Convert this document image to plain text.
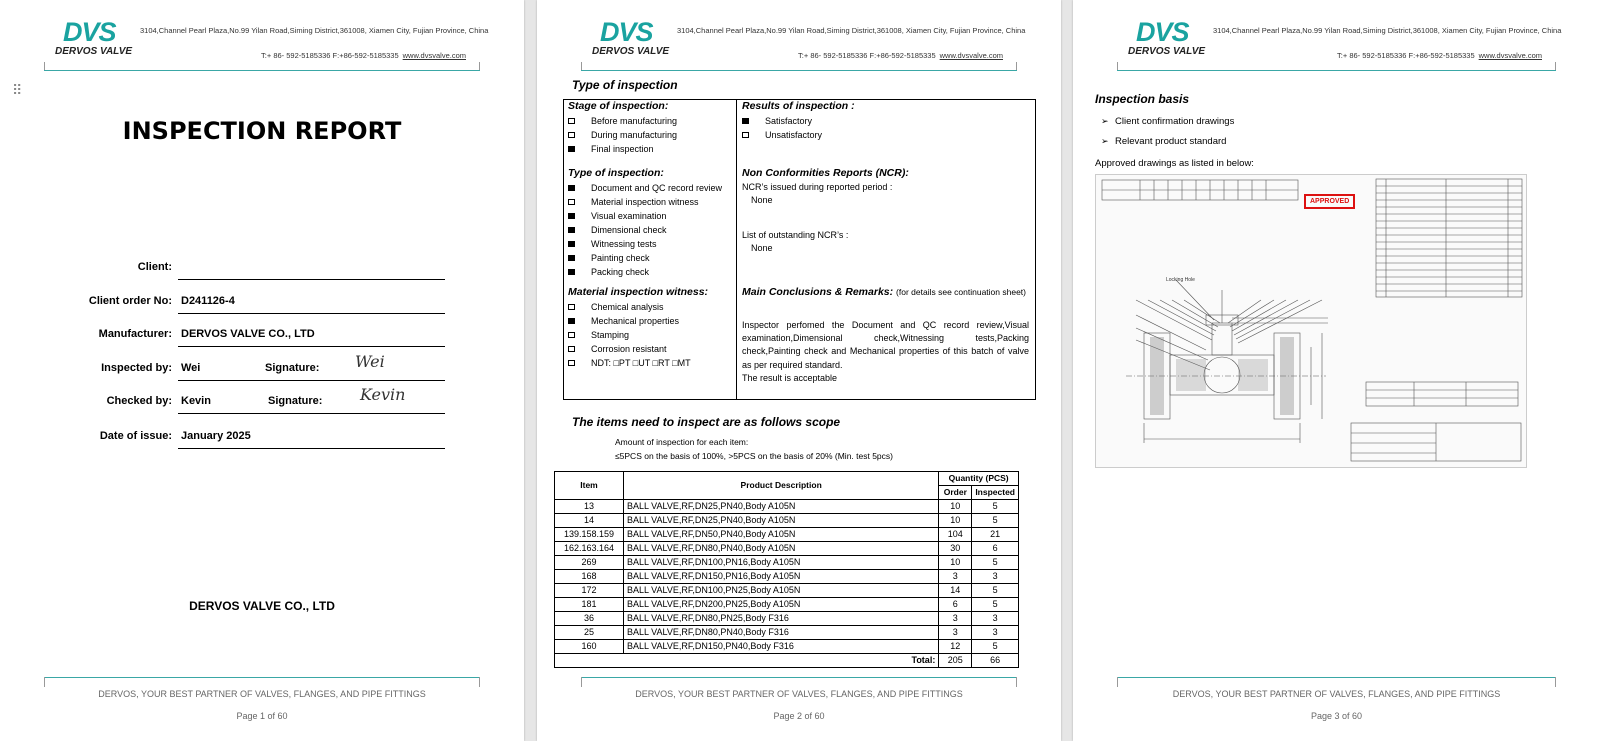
DVS
DERVOS VALVE
3104,Channel Pearl Plaza,No.99 Yilan Road,Siming District,361008, Xiamen City, Fujian Province, China
T:+ 86- 592-5185336 F:+86-592-5185335 www.dvsvalve.com
⠿
INSPECTION REPORT
Client:
Client order No: D241126-4
Manufacturer: DERVOS VALVE CO., LTD
Inspected by: Wei	Signature: Wei
Checked by: Kevin	Signature: Kevin
Date of issue: January 2025
DERVOS VALVE CO., LTD
DERVOS, YOUR BEST PARTNER OF VALVES, FLANGES, AND PIPE FITTINGS
Page 1 of 60
DVS
DERVOS VALVE
3104,Channel Pearl Plaza,No.99 Yilan Road,Siming District,361008, Xiamen City, Fujian Province, China
T:+ 86- 592-5185336 F:+86-592-5185335 www.dvsvalve.com
Type of inspection
Stage of inspection:
Before manufacturing
During manufacturing
Final inspection
Results of inspection :
Satisfactory
Unsatisfactory
Type of inspection:
Document and QC record review
Material inspection witness
Visual examination
Dimensional check
Witnessing tests
Painting check
Packing check
Non Conformities Reports (NCR):
NCR’s issued during reported period :
None
List of outstanding NCR’s :
None
Material inspection witness:
Chemical analysis
Mechanical properties
Stamping
Corrosion resistant
NDT: □PT □UT □RT □MT
Main Conclusions & Remarks: (for details see continuation sheet)
Inspector perfomed the Document and QC record review,Visual examination,Dimensional check,Witnessing tests,Packing check,Painting check and Mechanical properties of this batch of valve as per required standard.
The result is acceptable
The items need to inspect are as follows scope
Amount of inspection for each item:
≤5PCS on the basis of 100%, >5PCS on the basis of 20% (Min. test 5pcs)
Item	Product Description	Quantity (PCS)	
		Order	Inspected
13	BALL VALVE,RF,DN25,PN40,Body A105N	10	5
14	BALL VALVE,RF,DN25,PN40,Body A105N	10	5
139.158.159	BALL VALVE,RF,DN50,PN40,Body A105N	104	21
162.163.164	BALL VALVE,RF,DN80,PN40,Body A105N	30	6
269	BALL VALVE,RF,DN100,PN16,Body A105N	10	5
168	BALL VALVE,RF,DN150,PN16,Body A105N	3	3
172	BALL VALVE,RF,DN100,PN25,Body A105N	14	5
181	BALL VALVE,RF,DN200,PN25,Body A105N	6	5
36	BALL VALVE,RF,DN80,PN25,Body F316	3	3
25	BALL VALVE,RF,DN80,PN40,Body F316	3	3
160	BALL VALVE,RF,DN150,PN40,Body F316	12	5
Total:		205	66
DERVOS, YOUR BEST PARTNER OF VALVES, FLANGES, AND PIPE FITTINGS
Page 2 of 60
DVS
DERVOS VALVE
3104,Channel Pearl Plaza,No.99 Yilan Road,Siming District,361008, Xiamen City, Fujian Province, China
T:+ 86- 592-5185336 F:+86-592-5185335 www.dvsvalve.com
Inspection basis
➢ Client confirmation drawings
➢ Relevant product standard
Approved drawings as listed in below:
Locking Hole
APPROVED
DERVOS, YOUR BEST PARTNER OF VALVES, FLANGES, AND PIPE FITTINGS
Page 3 of 60
